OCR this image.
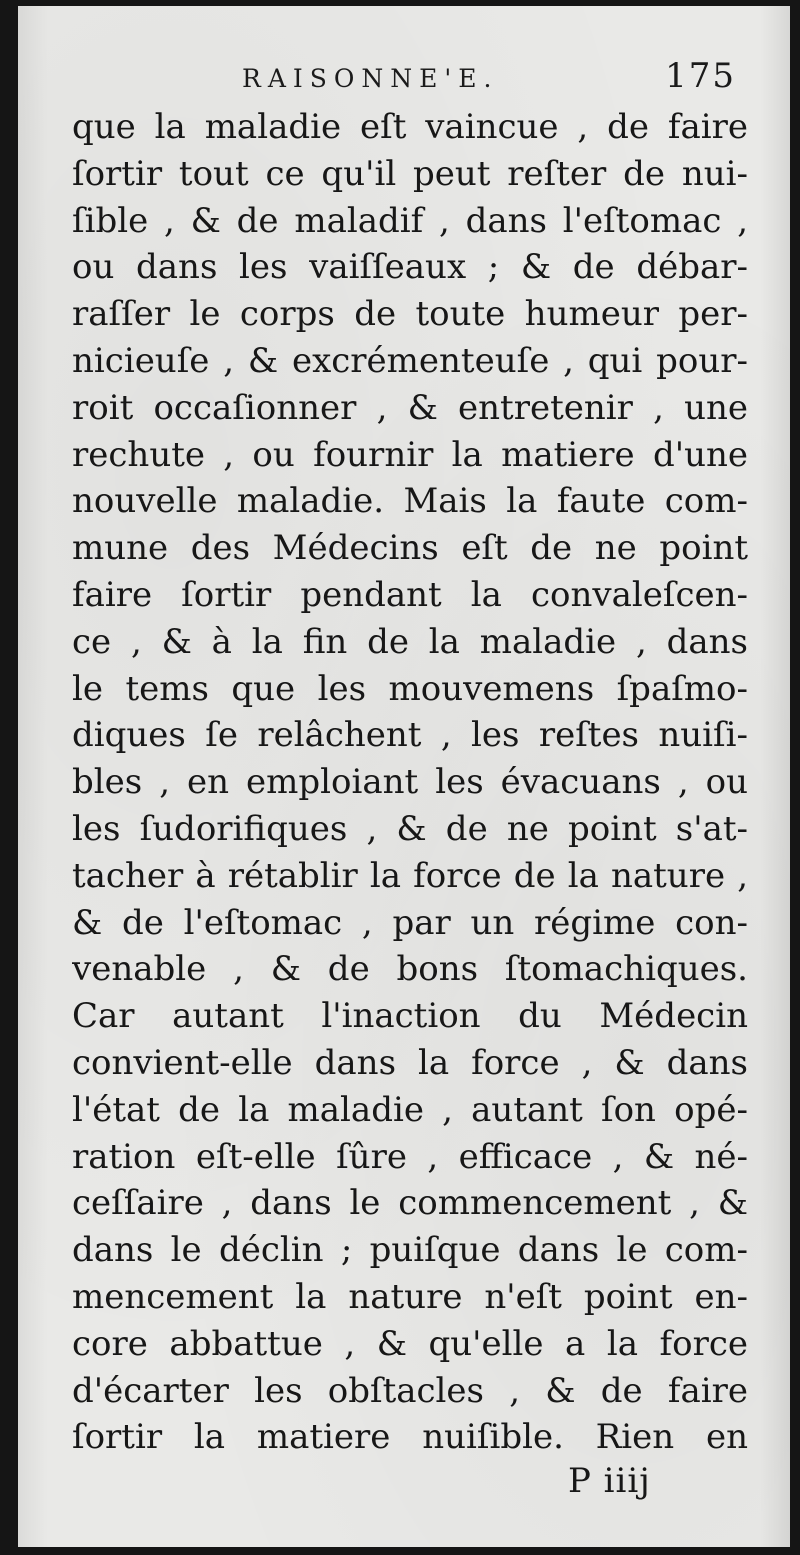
RAISONNE'E.	175
que la maladie eſt vaincue , de faire
ſortir tout ce qu'il peut reſter de nui-
ſible , & de maladif , dans l'eſtomac ,
ou dans les vaiſſeaux ; & de débar-
raſſer le corps de toute humeur per-
nicieuſe , & excrémenteuſe , qui pour-
roit occaſionner , & entretenir , une
rechute , ou fournir la matiere d'une
nouvelle maladie. Mais la faute com-
mune des Médecins eſt de ne point
faire ſortir pendant la convaleſcen-
ce , & à la fin de la maladie , dans
le tems que les mouvemens ſpaſmo-
diques ſe relâchent , les reſtes nuiſi-
bles , en emploiant les évacuans , ou
les ſudorifiques , & de ne point s'at-
tacher à rétablir la force de la nature ,
& de l'eſtomac , par un régime con-
venable , & de bons ſtomachiques.
Car autant l'inaction du Médecin
convient-elle dans la force , & dans
l'état de la maladie , autant ſon opé-
ration eſt-elle ſûre , efficace , & né-
ceſſaire , dans le commencement , &
dans le déclin ; puiſque dans le com-
mencement la nature n'eſt point en-
core abbattue , & qu'elle a la force
d'écarter les obſtacles , & de faire
ſortir la matiere nuiſible. Rien en
P iiij
